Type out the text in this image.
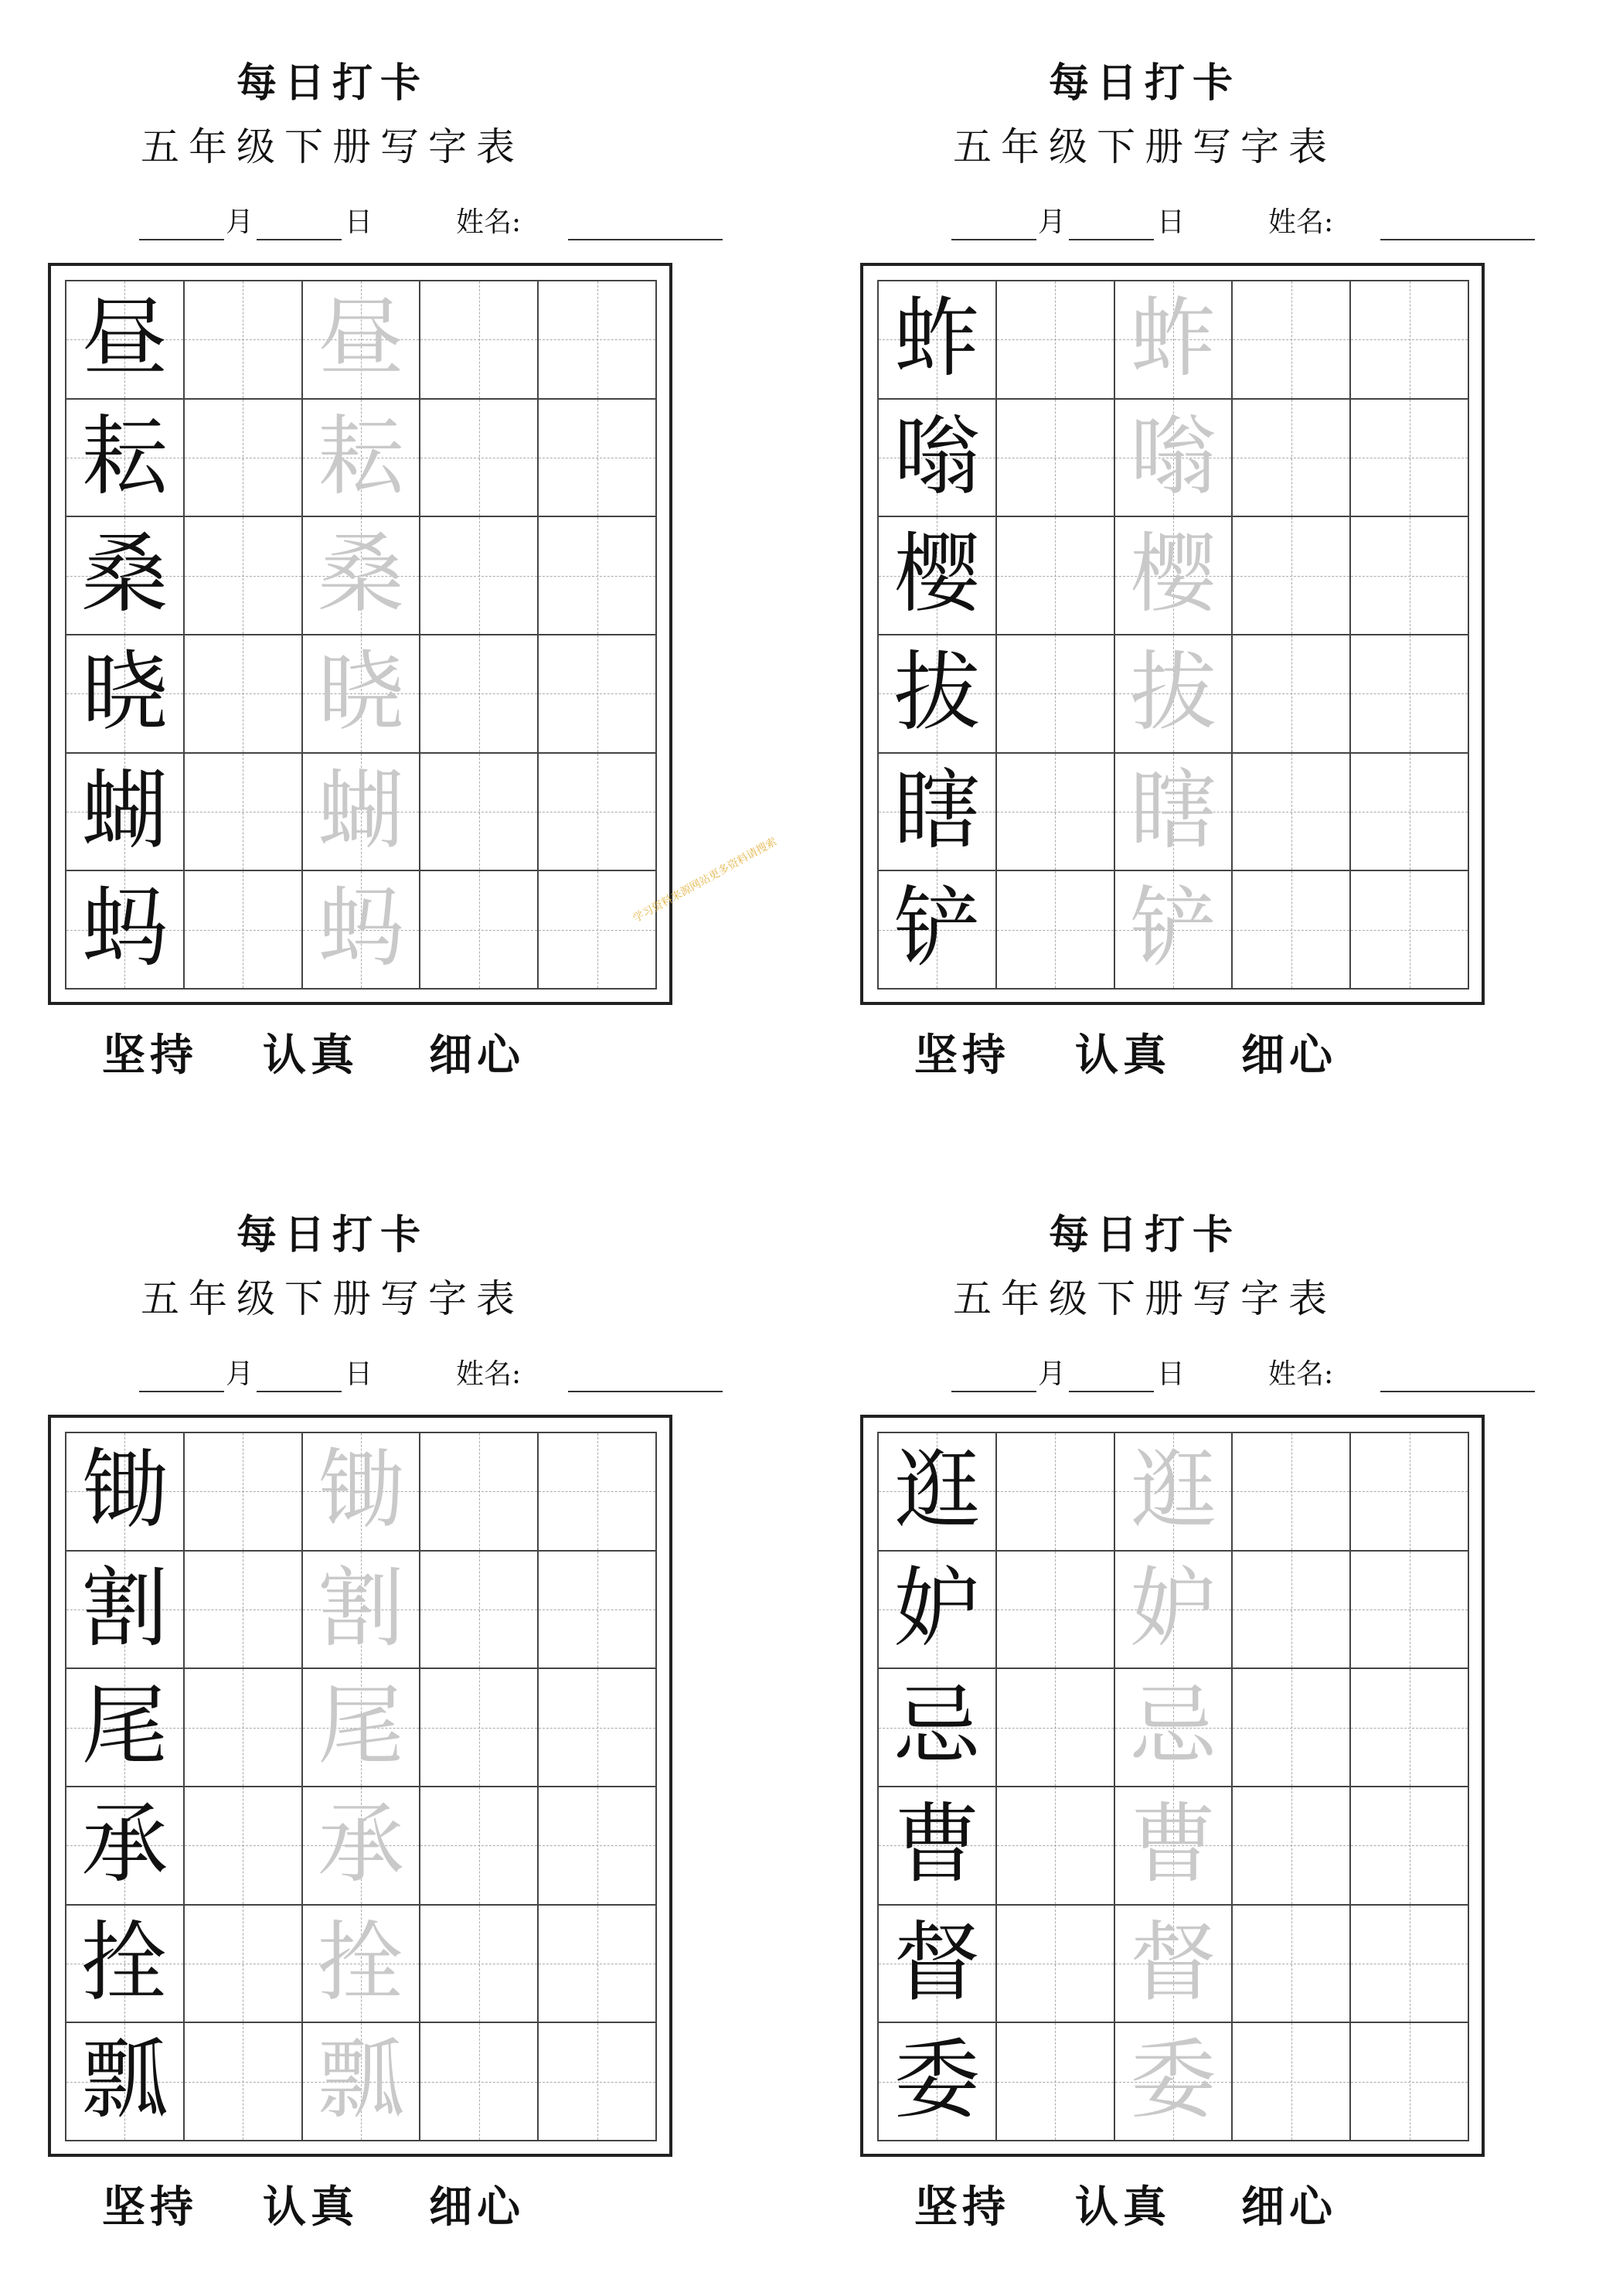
每日打卡
五年级下册写字表
月	日	姓名:
昼 昼
耘 耘
桑 桑
晓 晓
蝴 蝴
蚂 蚂
坚持 认真 细心
每日打卡
五年级下册写字表
月	日	姓名:
蚱 蚱
嗡 嗡
樱 樱
拔 拔
瞎 瞎
铲 铲
坚持 认真 细心
每日打卡
五年级下册写字表
月	日	姓名:
锄 锄
割 割
尾 尾
承 承
拴 拴
瓢 瓢
坚持 认真 细心
每日打卡
五年级下册写字表
月	日	姓名:
逛 逛
妒 妒
忌 忌
曹 曹
督 督
委 委
坚持 认真 细心
学习资料来源网站更多资料请搜索
